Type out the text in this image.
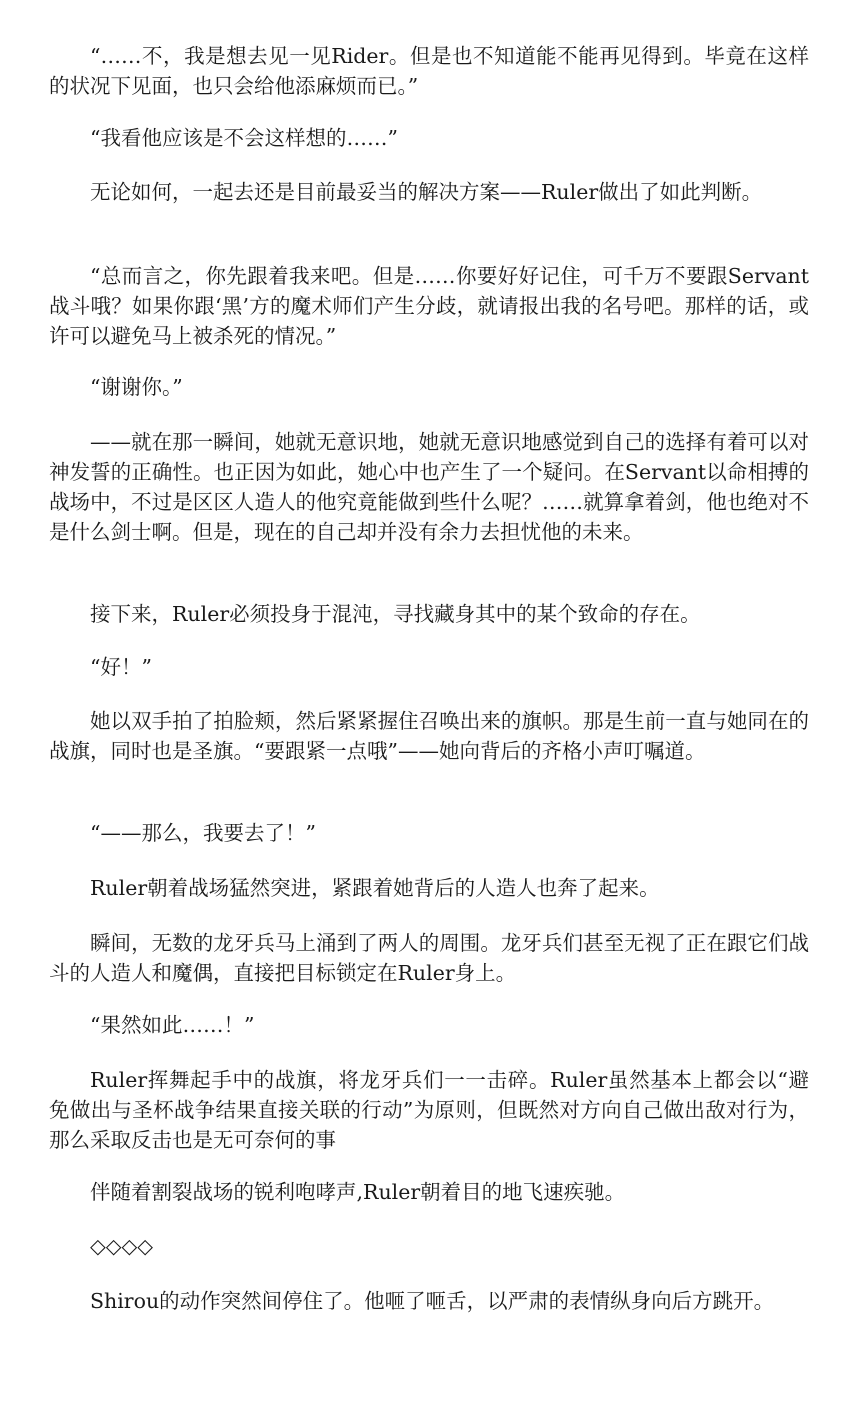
“……不，我是想去见一见Rider。但是也不知道能不能再见得到。毕竟在这样的状况下见面，也只会给他添麻烦而已。”

“我看他应该是不会这样想的……”

无论如何，一起去还是目前最妥当的解决方案——Ruler做出了如此判断。

“总而言之，你先跟着我来吧。但是……你要好好记住，可千万不要跟Servant战斗哦？如果你跟‘黑’方的魔术师们产生分歧，就请报出我的名号吧。那样的话，或许可以避免马上被杀死的情况。”

“谢谢你。”

——就在那一瞬间，她就无意识地，她就无意识地感觉到自己的选择有着可以对神发誓的正确性。也正因为如此，她心中也产生了一个疑问。在Servant以命相搏的战场中，不过是区区人造人的他究竟能做到些什么呢？……就算拿着剑，他也绝对不是什么剑士啊。但是，现在的自己却并没有余力去担忧他的未来。

接下来，Ruler必须投身于混沌，寻找藏身其中的某个致命的存在。

“好！”

她以双手拍了拍脸颊，然后紧紧握住召唤出来的旗帜。那是生前一直与她同在的战旗，同时也是圣旗。“要跟紧一点哦”——她向背后的齐格小声叮嘱道。

“——那么，我要去了！”

Ruler朝着战场猛然突进，紧跟着她背后的人造人也奔了起来。

瞬间，无数的龙牙兵马上涌到了两人的周围。龙牙兵们甚至无视了正在跟它们战斗的人造人和魔偶，直接把目标锁定在Ruler身上。

“果然如此……！”

Ruler挥舞起手中的战旗，将龙牙兵们一一击碎。Ruler虽然基本上都会以“避免做出与圣杯战争结果直接关联的行动”为原则，但既然对方向自己做出敌对行为，那么采取反击也是无可奈何的事

伴随着割裂战场的锐利咆哮声,Ruler朝着目的地飞速疾驰。

◇◇◇◇

Shirou的动作突然间停住了。他咂了咂舌，以严肃的表情纵身向后方跳开。
